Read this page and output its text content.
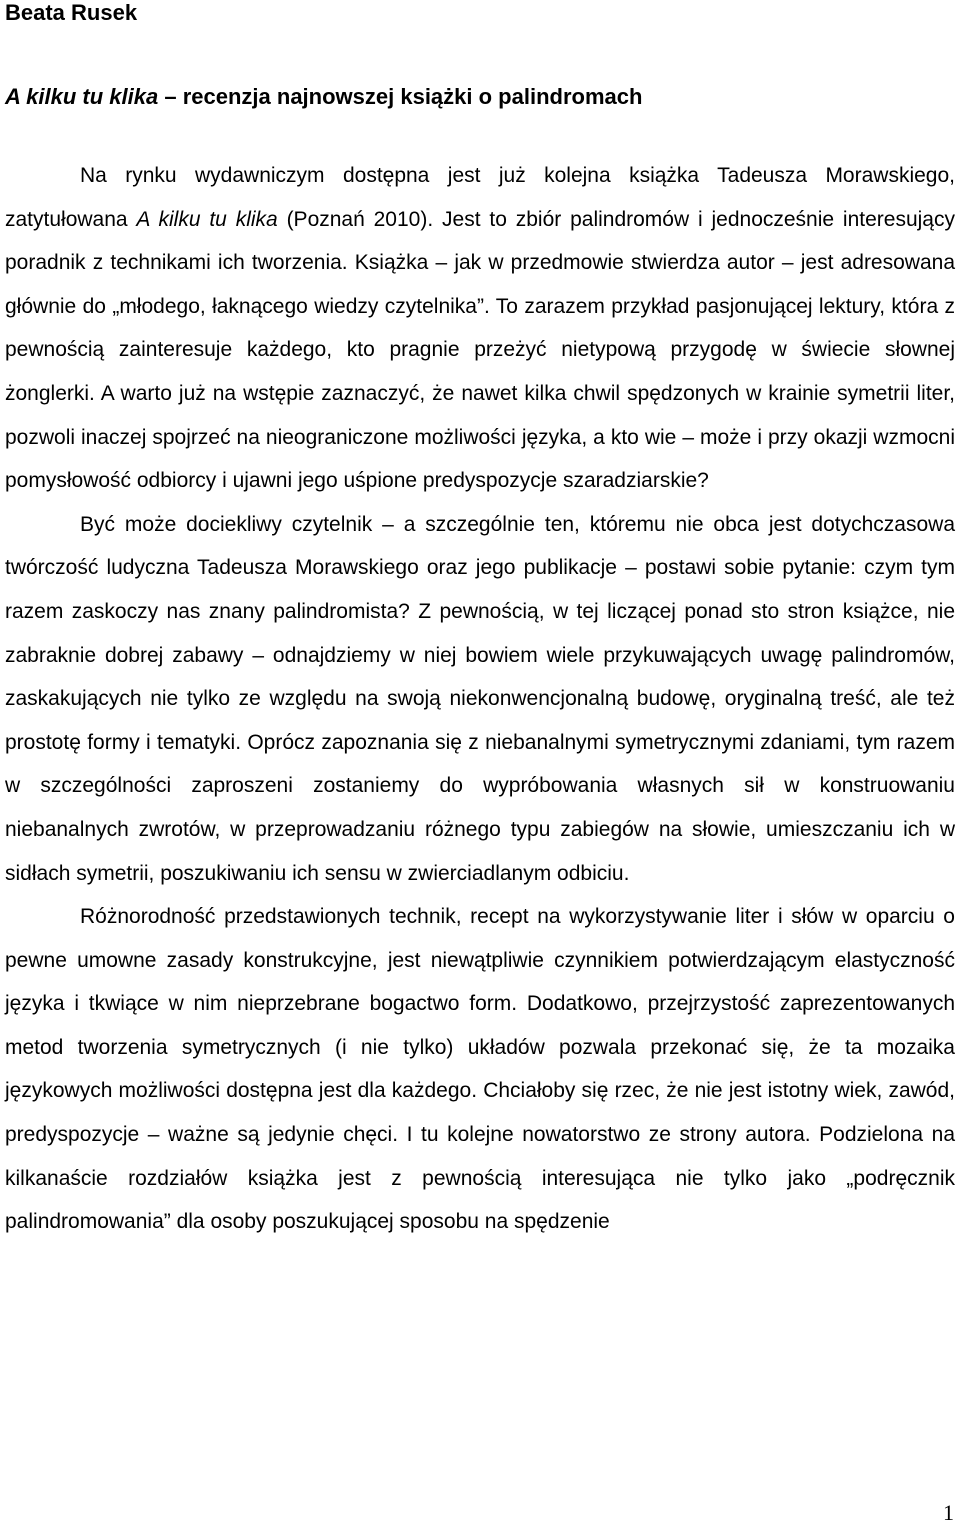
Beata Rusek
A kilku tu klika – recenzja najnowszej książki o palindromach

Na rynku wydawniczym dostępna jest już kolejna książka Tadeusza Morawskiego, zatytułowana A kilku tu klika (Poznań 2010). Jest to zbiór palindromów i jednocześnie interesujący poradnik z technikami ich tworzenia. Książka – jak w przedmowie stwierdza autor – jest adresowana głównie do „młodego, łaknącego wiedzy czytelnika”. To zarazem przykład pasjonującej lektury, która z pewnością zainteresuje każdego, kto pragnie przeżyć nietypową przygodę w świecie słownej żonglerki. A warto już na wstępie zaznaczyć, że nawet kilka chwil spędzonych w krainie symetrii liter, pozwoli inaczej spojrzeć na nieograniczone możliwości języka, a kto wie – może i przy okazji wzmocni pomysłowość odbiorcy i ujawni jego uśpione predyspozycje szaradziarskie?

Być może dociekliwy czytelnik – a szczególnie ten, któremu nie obca jest dotychczasowa twórczość ludyczna Tadeusza Morawskiego oraz jego publikacje – postawi sobie pytanie: czym tym razem zaskoczy nas znany palindromista? Z pewnością, w tej liczącej ponad sto stron książce, nie zabraknie dobrej zabawy – odnajdziemy w niej bowiem wiele przykuwających uwagę palindromów, zaskakujących nie tylko ze względu na swoją niekonwencjonalną budowę, oryginalną treść, ale też prostotę formy i tematyki. Oprócz zapoznania się z niebanalnymi symetrycznymi zdaniami, tym razem w szczególności zaproszeni zostaniemy do wypróbowania własnych sił w konstruowaniu niebanalnych zwrotów, w przeprowadzaniu różnego typu zabiegów na słowie, umieszczaniu ich w sidłach symetrii, poszukiwaniu ich sensu w zwierciadlanym odbiciu.

Różnorodność przedstawionych technik, recept na wykorzystywanie liter i słów w oparciu o pewne umowne zasady konstrukcyjne, jest niewątpliwie czynnikiem potwierdzającym elastyczność języka i tkwiące w nim nieprzebrane bogactwo form. Dodatkowo, przejrzystość zaprezentowanych metod tworzenia symetrycznych (i nie tylko) układów pozwala przekonać się, że ta mozaika językowych możliwości dostępna jest dla każdego. Chciałoby się rzec, że nie jest istotny wiek, zawód, predyspozycje – ważne są jedynie chęci. I tu kolejne nowatorstwo ze strony autora. Podzielona na kilkanaście rozdziałów książka jest z pewnością interesująca nie tylko jako „podręcznik palindromowania” dla osoby poszukującej sposobu na spędzenie

1
